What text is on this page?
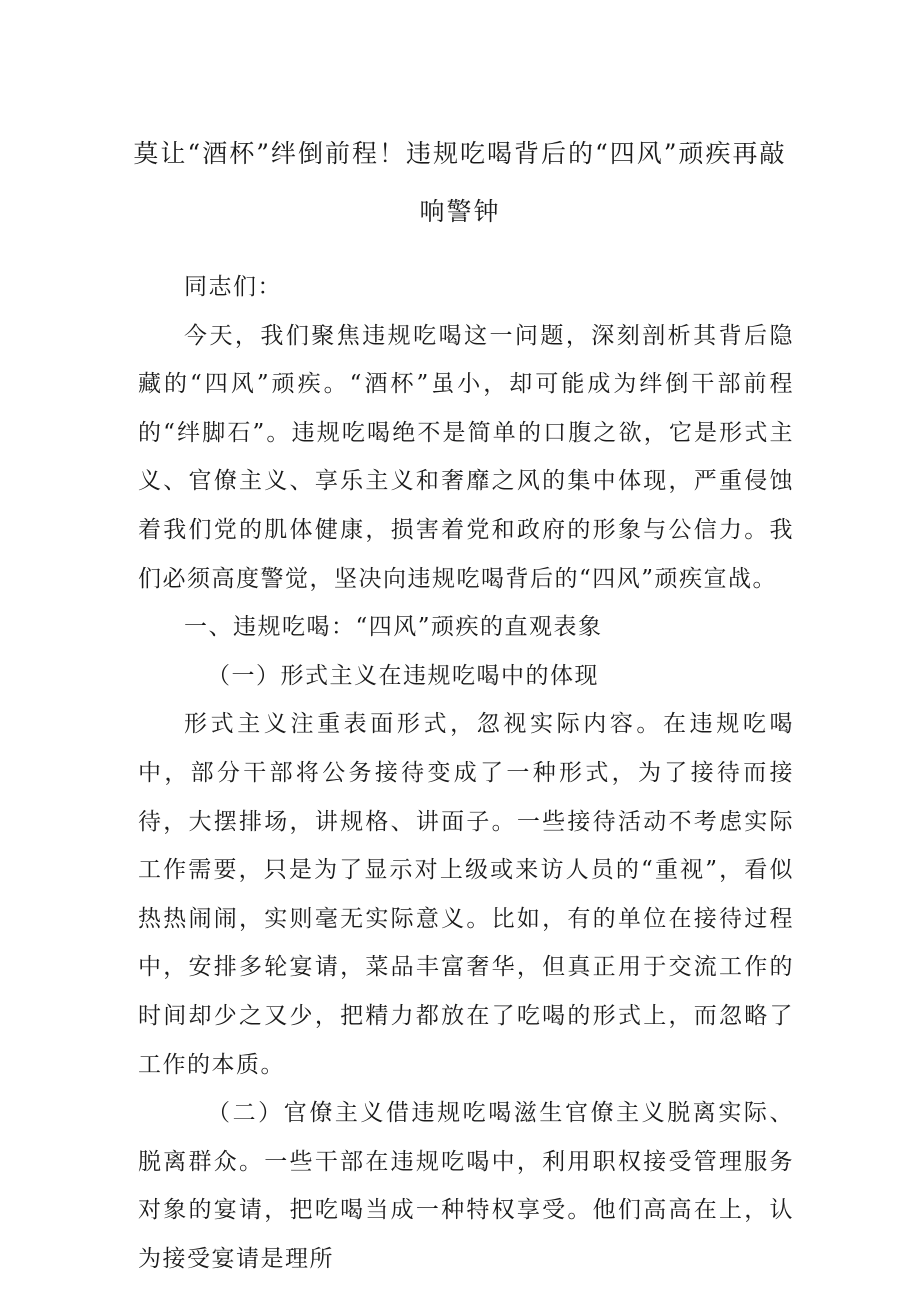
莫让“酒杯”绊倒前程！违规吃喝背后的“四风”顽疾再敲
响警钟

同志们：

今天，我们聚焦违规吃喝这一问题，深刻剖析其背后隐藏的“四风”顽疾。“酒杯”虽小，却可能成为绊倒干部前程的“绊脚石”。违规吃喝绝不是简单的口腹之欲，它是形式主义、官僚主义、享乐主义和奢靡之风的集中体现，严重侵蚀着我们党的肌体健康，损害着党和政府的形象与公信力。我们必须高度警觉，坚决向违规吃喝背后的“四风”顽疾宣战。

一、违规吃喝：“四风”顽疾的直观表象

（一）形式主义在违规吃喝中的体现

形式主义注重表面形式，忽视实际内容。在违规吃喝中，部分干部将公务接待变成了一种形式，为了接待而接待，大摆排场，讲规格、讲面子。一些接待活动不考虑实际工作需要，只是为了显示对上级或来访人员的“重视”，看似热热闹闹，实则毫无实际意义。比如，有的单位在接待过程中，安排多轮宴请，菜品丰富奢华，但真正用于交流工作的时间却少之又少，把精力都放在了吃喝的形式上，而忽略了工作的本质。

（二）官僚主义借违规吃喝滋生官僚主义脱离实际、脱离群众。一些干部在违规吃喝中，利用职权接受管理服务对象的宴请，把吃喝当成一种特权享受。他们高高在上，认为接受宴请是理所
